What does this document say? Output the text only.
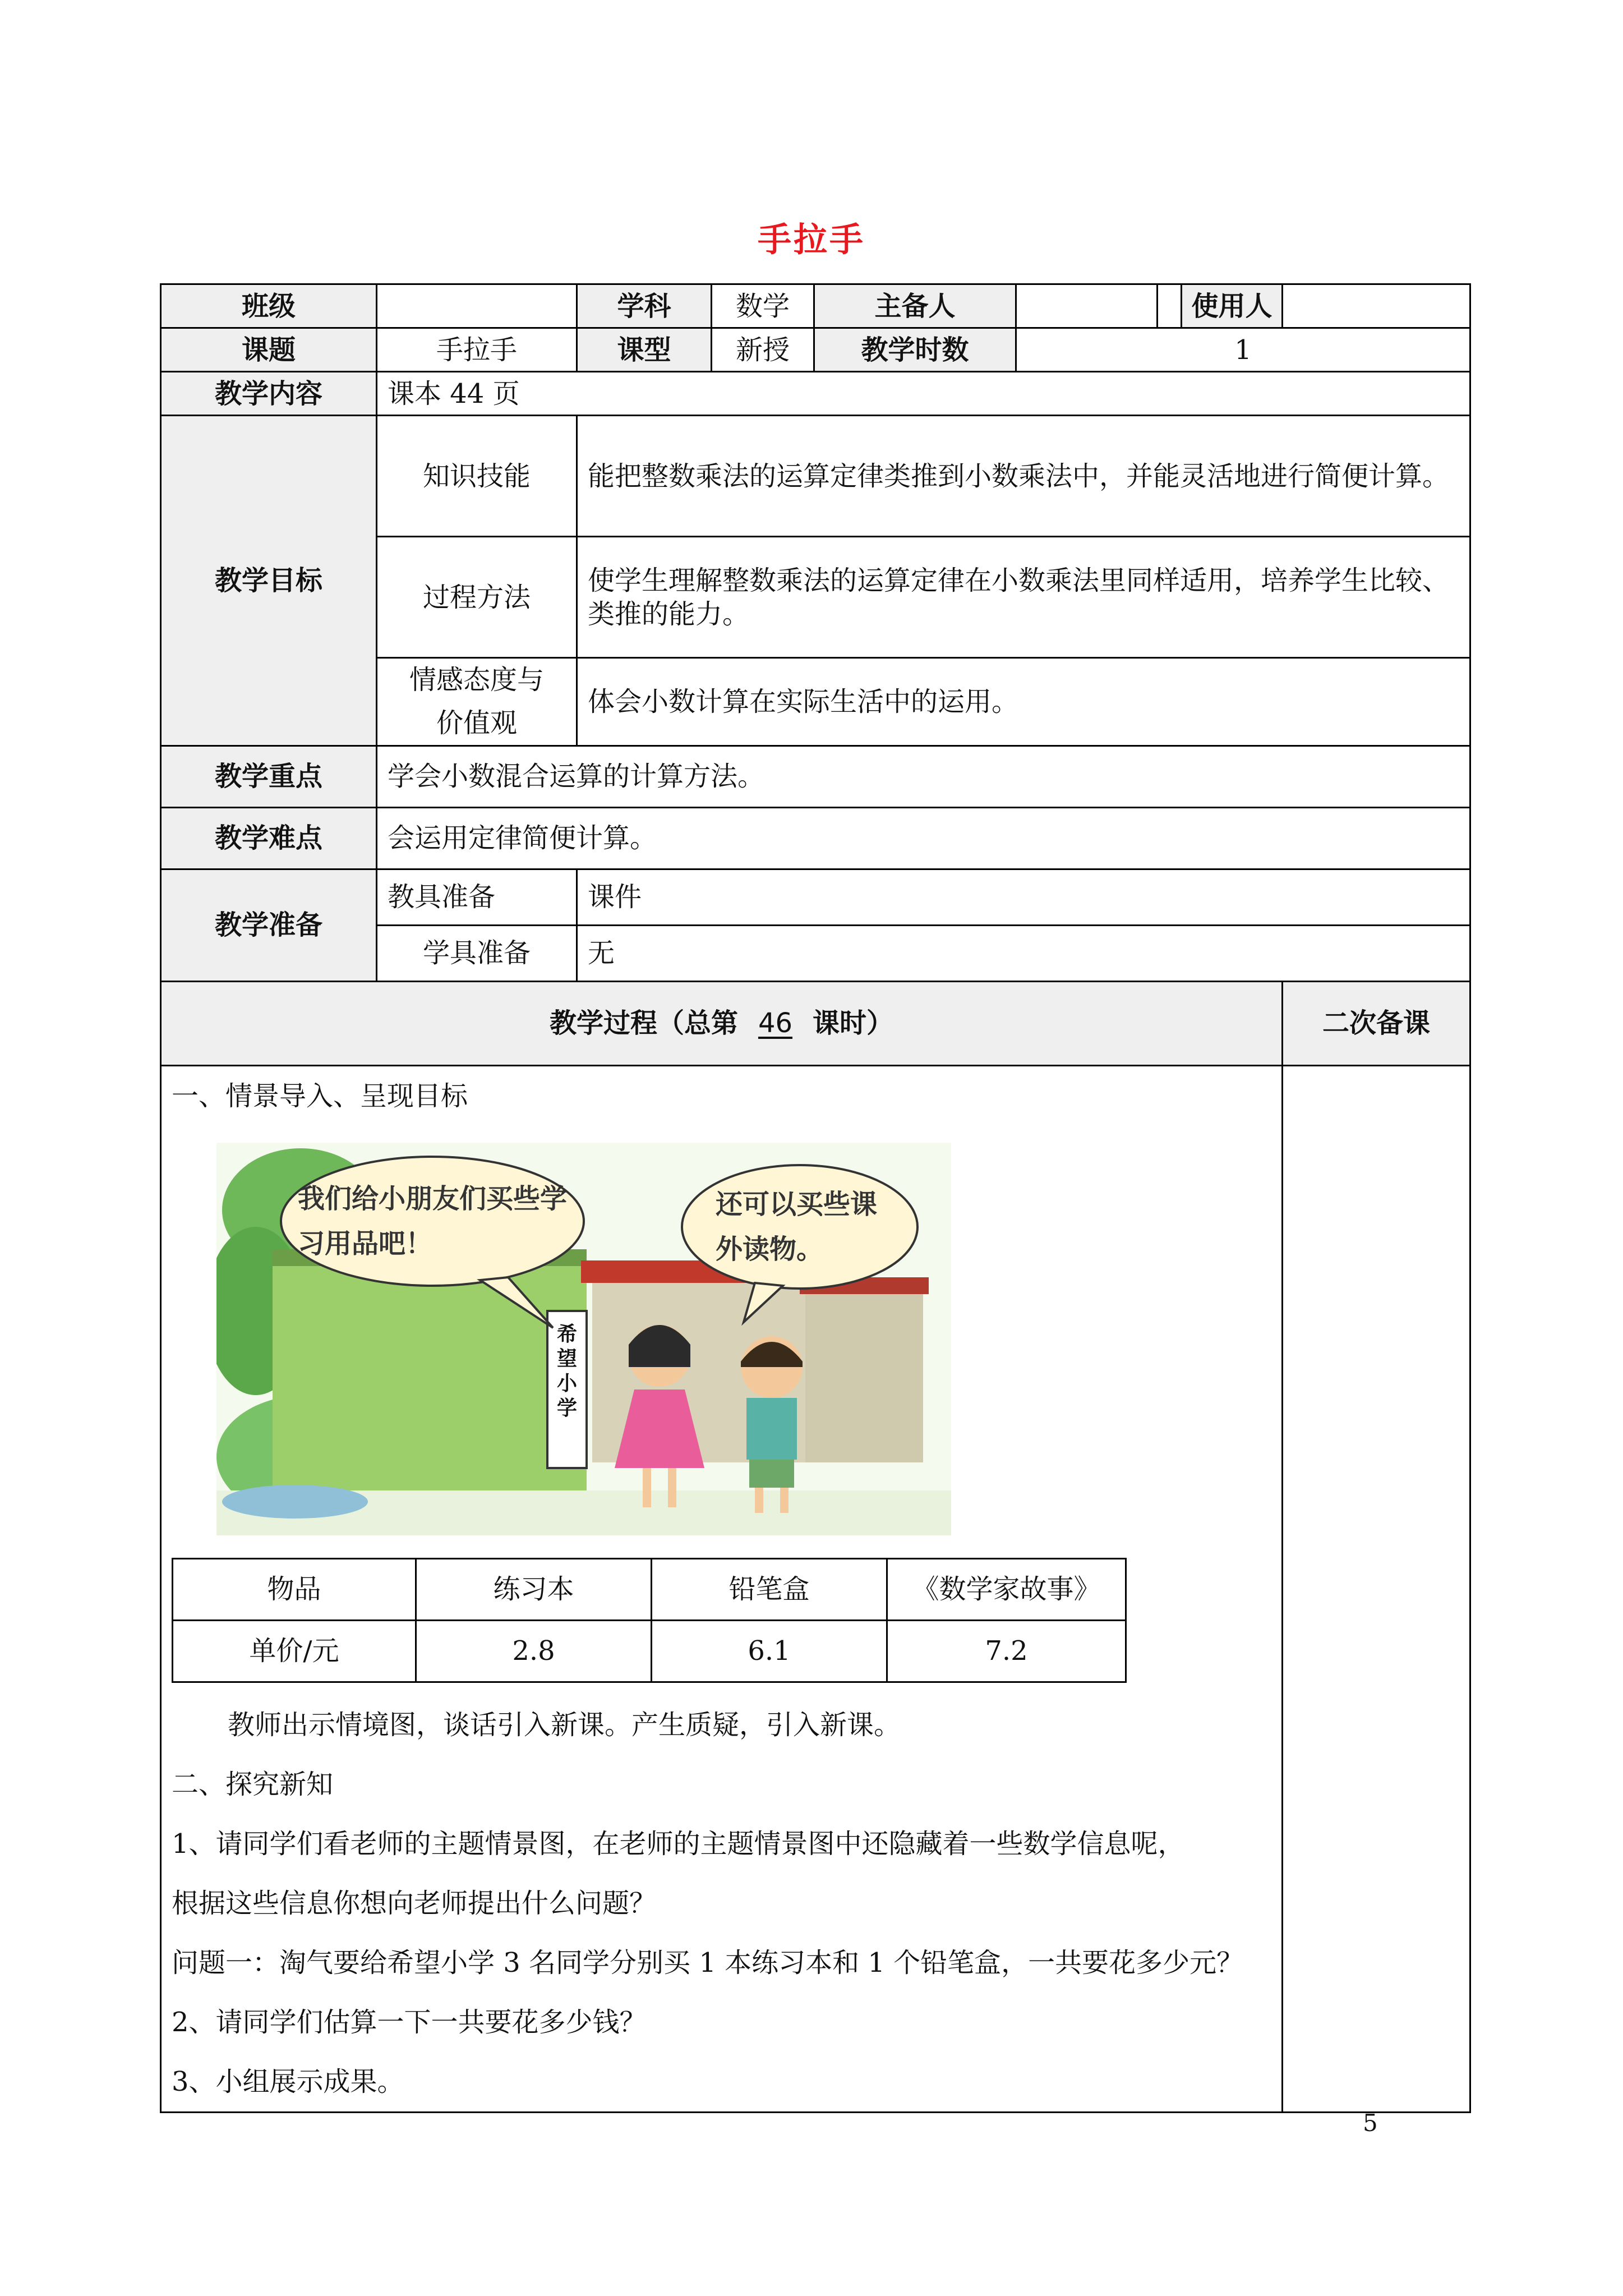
手拉手
班级		学科	数学	主备人		使用人

课题	手拉手	课型	新授	教学时数	1
教学内容	课本 44 页
教学目标	知识技能	能把整数乘法的运算定律类推到小数乘法中，并能灵活地进行简便计算。
过程方法	使学生理解整数乘法的运算定律在小数乘法里同样适用，培养学生比较、类推的能力。

情感态度与
价值观
	体会小数计算在实际生活中的运用。
教学重点	学会小数混合运算的计算方法。
教学难点	会运用定律简便计算。
教学准备	教具准备	课件
学具准备	无
教学过程（总第 46 课时）	二次备课

一、情景导入、呈现目标

我们给小朋友们买些学习用品吧！
还可以买些课外读物。
希望小学
物品	练习本	铅笔盒	《数学家故事》
单价/元	2.8	6.1	7.2

教师出示情境图，谈话引入新课。产生质疑，引入新课。

二、探究新知

1、请同学们看老师的主题情景图，在老师的主题情景图中还隐藏着一些数学信息呢，

根据这些信息你想向老师提出什么问题？

问题一：淘气要给希望小学 3 名同学分别买 1 本练习本和 1 个铅笔盒，一共要花多少元？

2、请同学们估算一下一共要花多少钱？

3、小组展示成果。

5
